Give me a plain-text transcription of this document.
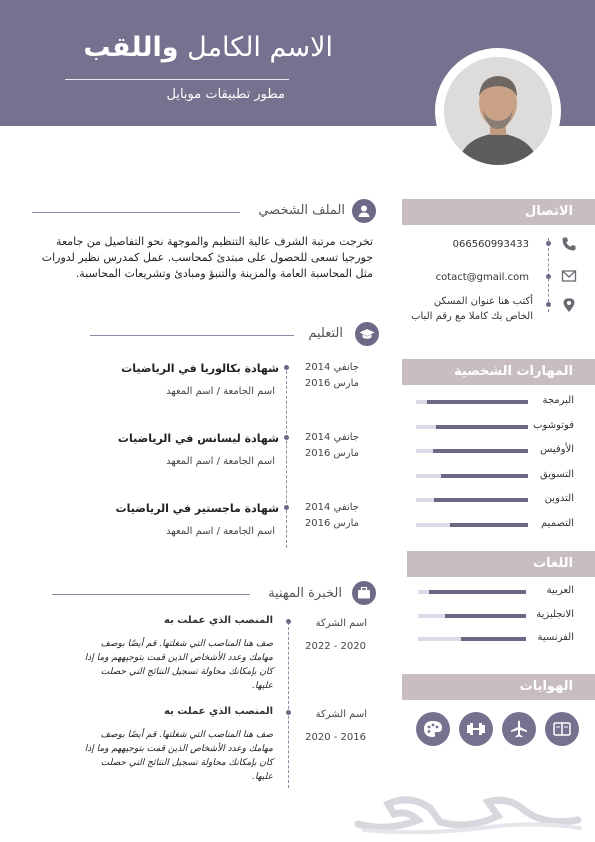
الاسم الكامل واللقب
مطور تطبيقات موبايل
الاتصال
066560993433
cotact@gmail.com
أكتب هنا عنوان المسكن
الخاص بك كاملا مع رقم الباب
المهارات الشخصية
البرمجة
فوتوشوب
الأوفيس
التسويق
التدوين
التصميم
اللغات
العربية
الانجليزية
الفرنسية
الهوايات
الملف الشخصي
تخرجت مرتبة الشرف عالية التنظيم والموجهة نحو التفاصيل من جامعة جورجيا تسعى للحصول على مبتدئ كمحاسب. عمل كمدرس نظير لدورات مثل المحاسبة العامة والمزينة والتنبؤ ومبادئ وتشريعات المحاسبة.
التعليم
جانفي 2014
مارس 2016
شهادة بكالوريا في الرياضيات
اسم الجامعة / اسم المعهد
جانفي 2014
مارس 2016
شهادة ليسانس في الرياضيات
اسم الجامعة / اسم المعهد
جانفي 2014
مارس 2016
شهادة ماجستير في الرياضيات
اسم الجامعة / اسم المعهد
الخبرة المهنية
اسم الشركة
2020 - 2022
المنصب الذي عملت به
صف هنا المناصب التي شغلتها. قم أيضًا بوصف مهامك وعدد الأشخاص الذين قمت بتوجيههم وما إذا كان بإمكانك محاولة تسجيل النتائج التي حصلت عليها.
اسم الشركة
2016 - 2020
المنصب الذي عملت به
صف هنا المناصب التي شغلتها. قم أيضًا بوصف مهامك وعدد الأشخاص الذين قمت بتوجيههم وما إذا كان بإمكانك محاولة تسجيل النتائج التي حصلت عليها.
